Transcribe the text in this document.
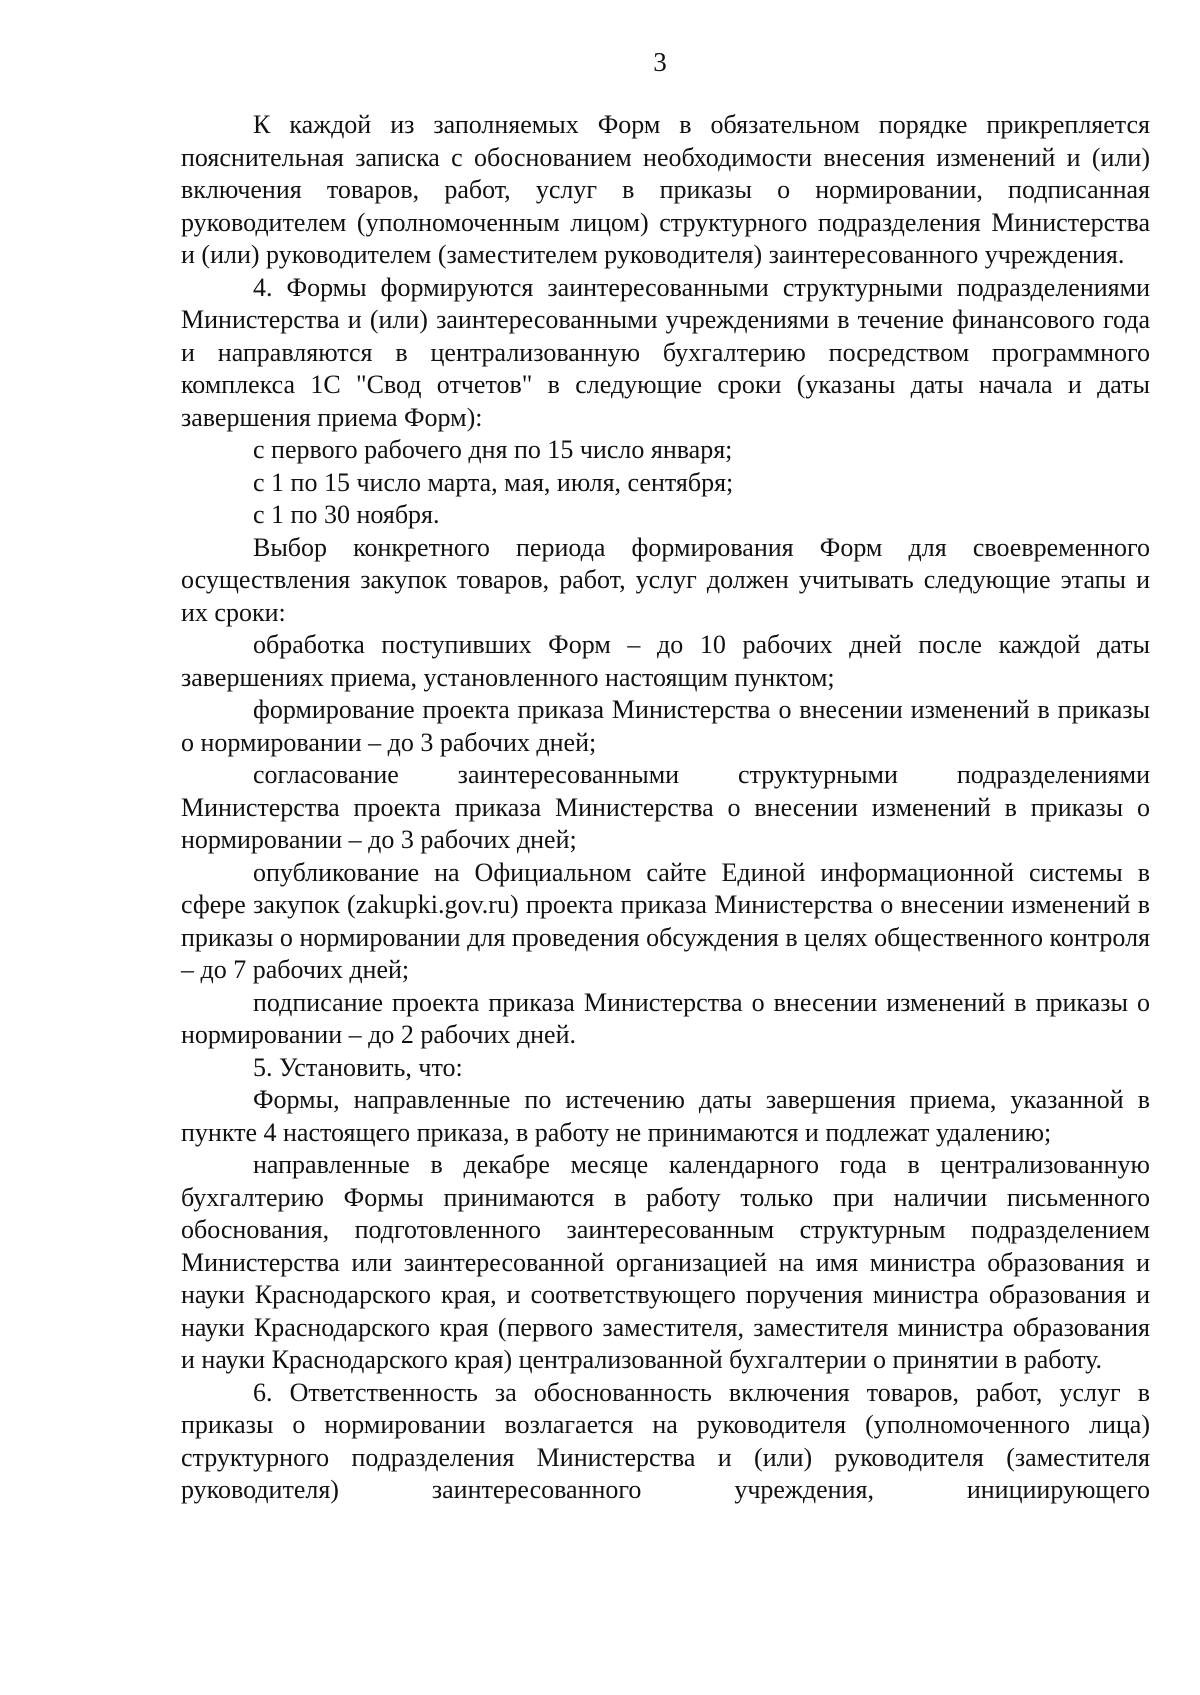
3

К каждой из заполняемых Форм в обязательном порядке прикрепляется пояснительная записка с обоснованием необходимости внесения изменений и (или) включения товаров, работ, услуг в приказы о нормировании, подписанная руководителем (уполномоченным лицом) структурного подразделения Министерства и (или) руководителем (заместителем руководителя) заинтересованного учреждения.

4. Формы формируются заинтересованными структурными подразделениями Министерства и (или) заинтересованными учреждениями в течение финансового года и направляются в централизованную бухгалтерию посредством программного комплекса 1С "Свод отчетов" в следующие сроки (указаны даты начала и даты завершения приема Форм):

с первого рабочего дня по 15 число января;

с 1 по 15 число марта, мая, июля, сентября;

с 1 по 30 ноября.

Выбор конкретного периода формирования Форм для своевременного осуществления закупок товаров, работ, услуг должен учитывать следующие этапы и их сроки:

обработка поступивших Форм – до 10 рабочих дней после каждой даты завершениях приема, установленного настоящим пунктом;

формирование проекта приказа Министерства о внесении изменений в приказы о нормировании – до 3 рабочих дней;

согласование заинтересованными структурными подразделениями Министерства проекта приказа Министерства о внесении изменений в приказы о нормировании – до 3 рабочих дней;

опубликование на Официальном сайте Единой информационной системы в сфере закупок (zakupki.gov.ru) проекта приказа Министерства о внесении изменений в приказы о нормировании для проведения обсуждения в целях общественного контроля – до 7 рабочих дней;

подписание проекта приказа Министерства о внесении изменений в приказы о нормировании – до 2 рабочих дней.

5. Установить, что:

Формы, направленные по истечению даты завершения приема, указанной в пункте 4 настоящего приказа, в работу не принимаются и подлежат удалению;

направленные в декабре месяце календарного года в централизованную бухгалтерию Формы принимаются в работу только при наличии письменного обоснования, подготовленного заинтересованным структурным подразделением Министерства или заинтересованной организацией на имя министра образования и науки Краснодарского края, и соответствующего поручения министра образования и науки Краснодарского края (первого заместителя, заместителя министра образования и науки Краснодарского края) централизованной бухгалтерии о принятии в работу.

6. Ответственность за обоснованность включения товаров, работ, услуг в приказы о нормировании возлагается на руководителя (уполномоченного лица) структурного подразделения Министерства и (или) руководителя (заместителя руководителя) заинтересованного учреждения, инициирующего
